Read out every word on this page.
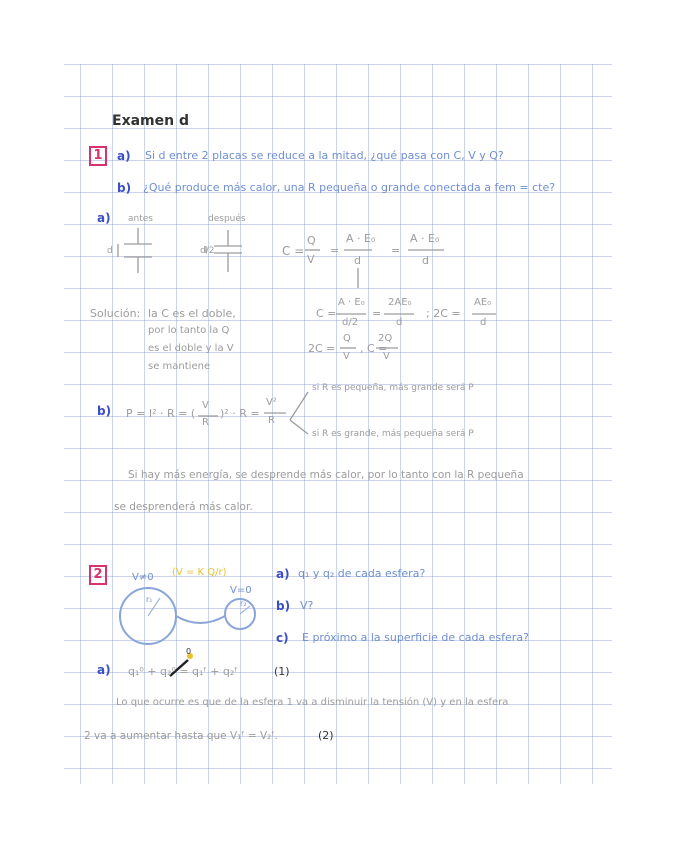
Examen d
1	a) Si d entre 2 placas se reduce a la mitad, ¿qué pasa con C, V y Q?
b) ¿Qué produce más calor, una R pequeña o grande conectada a fem = cte?
a) antes	después
d	d/2	C =
Q
V
=
A · E₀
d
=
A · E₀
d
Solución: la C es el doble,
por lo tanto la Q
es el doble y la V
se mantiene
C =
A · E₀
d/2
=
2AE₀
d
; 2C =
AE₀
d
2C =
Q
V
, C =
2Q
V
b) P = I² · R = (
V
R
)² · R =
V²
R
si R es pequeña, más grande será P
si R es grande, más pequeña será P
Si hay más energía, se desprende más calor, por lo tanto con la R pequeña
se desprenderá más calor.
2	V≠0 (V = K Q/r)
V=0
r₁	r₂
a) q₁ y q₂ de cada esfera?
b) V?
c) E próximo a la superficie de cada esfera?
a) q₁⁰ + q₂⁰ = q₁ᶠ + q₂ᶠ	(1)
0
Lo que ocurre es que de la esfera 1 va a disminuir la tensión (V) y en la esfera
2 va a aumentar hasta que V₁ᶠ = V₂ᶠ.	(2)
